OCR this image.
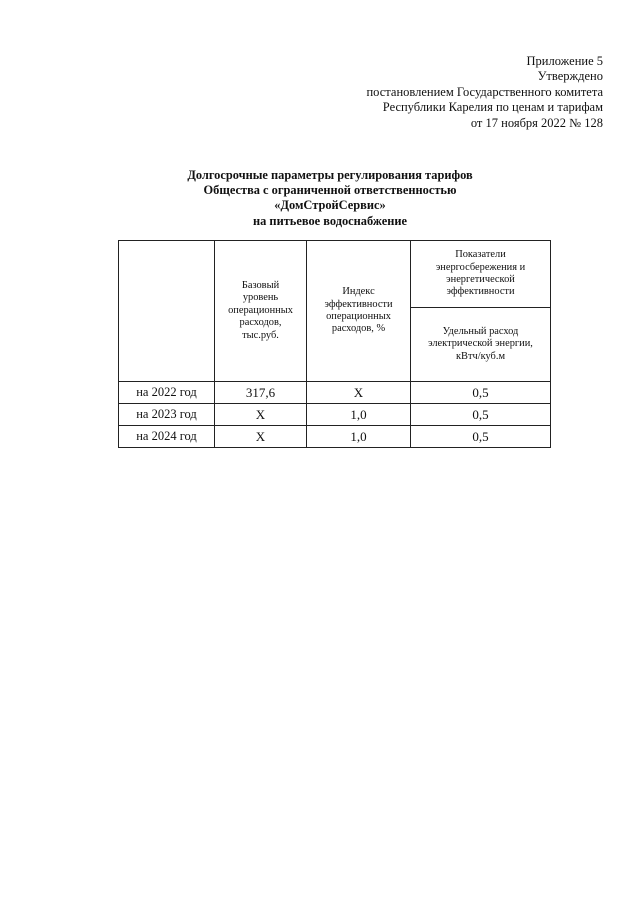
Приложение 5
Утверждено
постановлением Государственного комитета
Республики Карелия по ценам и тарифам
от 17 ноября 2022 № 128
Долгосрочные параметры регулирования тарифов
Общества с ограниченной ответственностью
«ДомСтройСервис»
на питьевое водоснабжение

	Базовый уровень операционных расходов, тыс.руб.	Индекс эффективности операционных расходов, %	Показатели энергосбережения и энергетической эффективности

			Удельный расход электрической энергии, кВтч/куб.м

на 2022 год	317,6	Х	0,5
на 2023 год	Х	1,0	0,5
на 2024 год	Х	1,0	0,5
